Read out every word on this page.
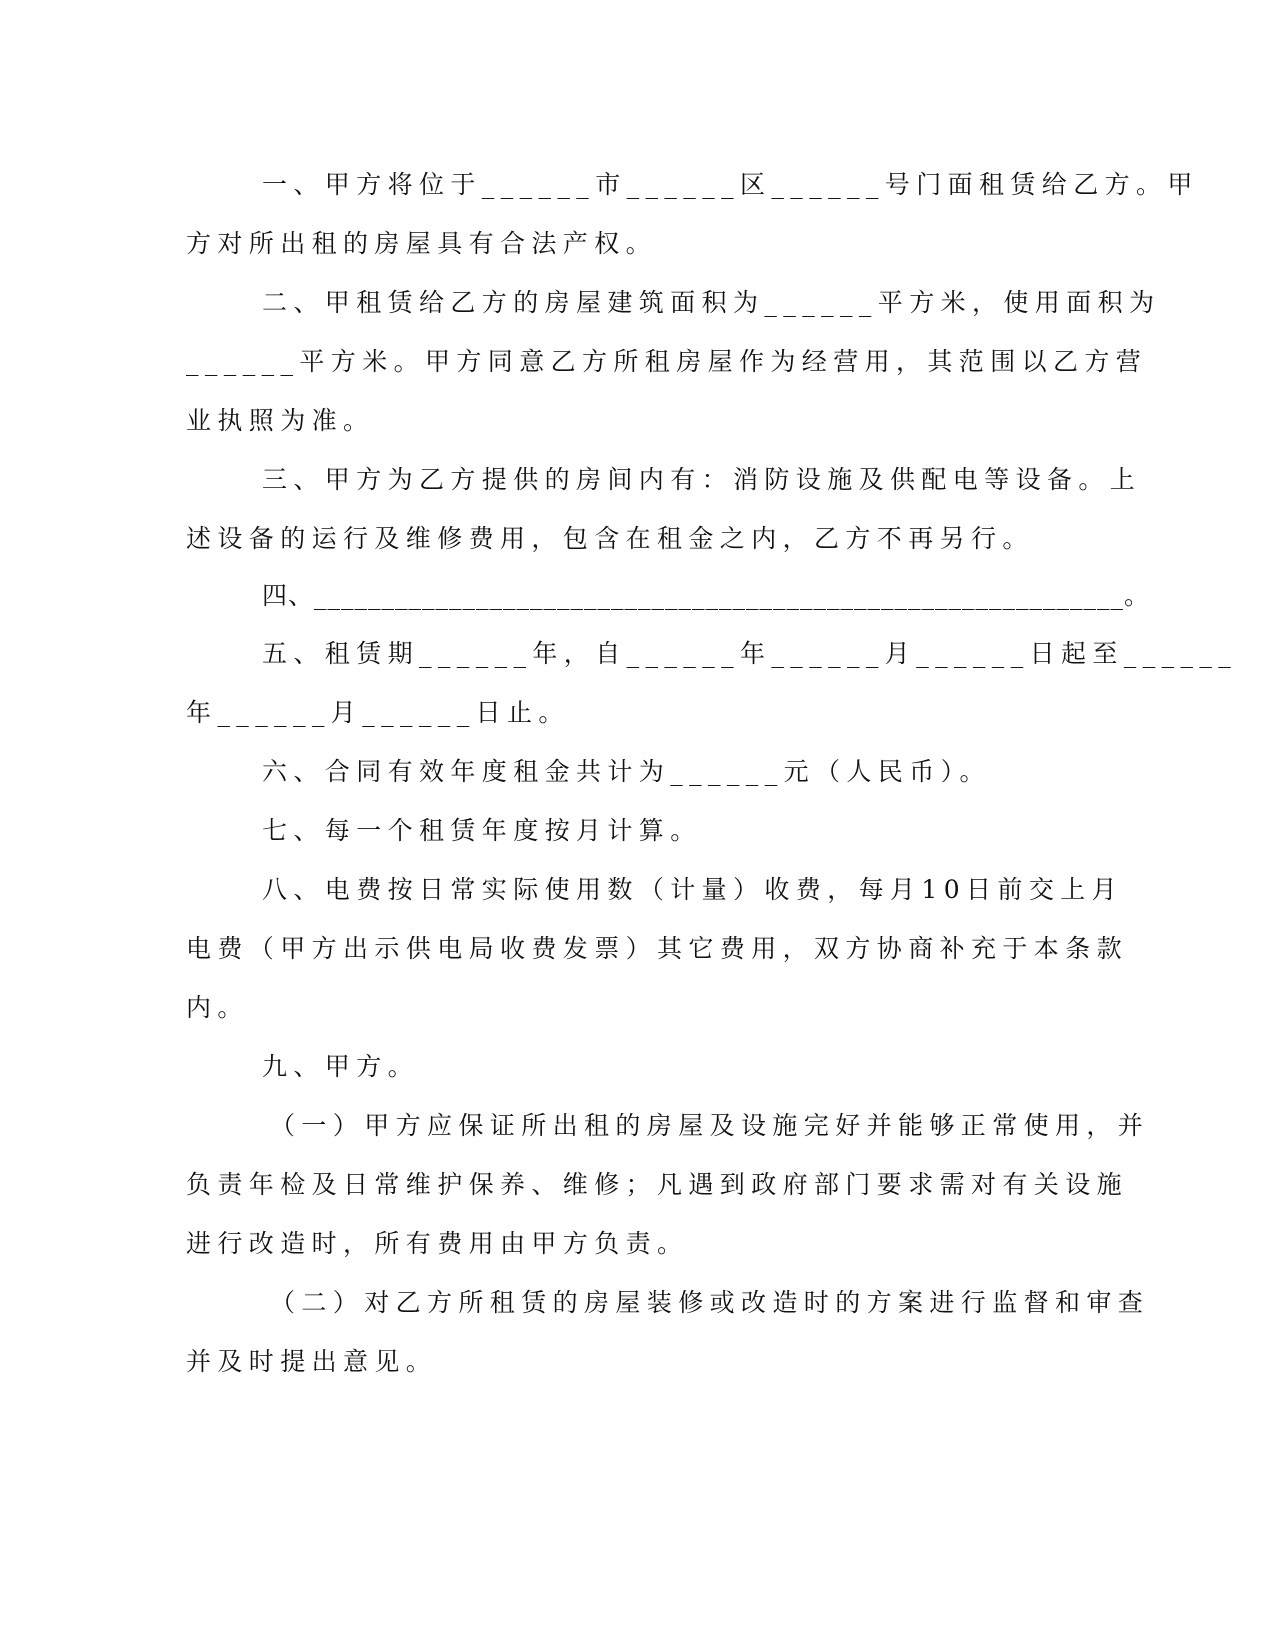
一、甲方将位于______市______区______号门面租赁给乙方。甲
方对所出租的房屋具有合法产权。
二、甲租赁给乙方的房屋建筑面积为______平方米，使用面积为
______平方米。甲方同意乙方所租房屋作为经营用，其范围以乙方营
业执照为准。
三、甲方为乙方提供的房间内有：消防设施及供配电等设备。上
述设备的运行及维修费用，包含在租金之内，乙方不再另行。
四、____________________________________________________________。
五、租赁期______年，自______年______月______日起至______
年______月______日止。
六、合同有效年度租金共计为______元（人民币）。
七、每一个租赁年度按月计算。
八、电费按日常实际使用数（计量）收费，每月10日前交上月
电费（甲方出示供电局收费发票）其它费用，双方协商补充于本条款
内。
九、甲方。
（一）甲方应保证所出租的房屋及设施完好并能够正常使用，并
负责年检及日常维护保养、维修；凡遇到政府部门要求需对有关设施
进行改造时，所有费用由甲方负责。
（二）对乙方所租赁的房屋装修或改造时的方案进行监督和审查
并及时提出意见。
